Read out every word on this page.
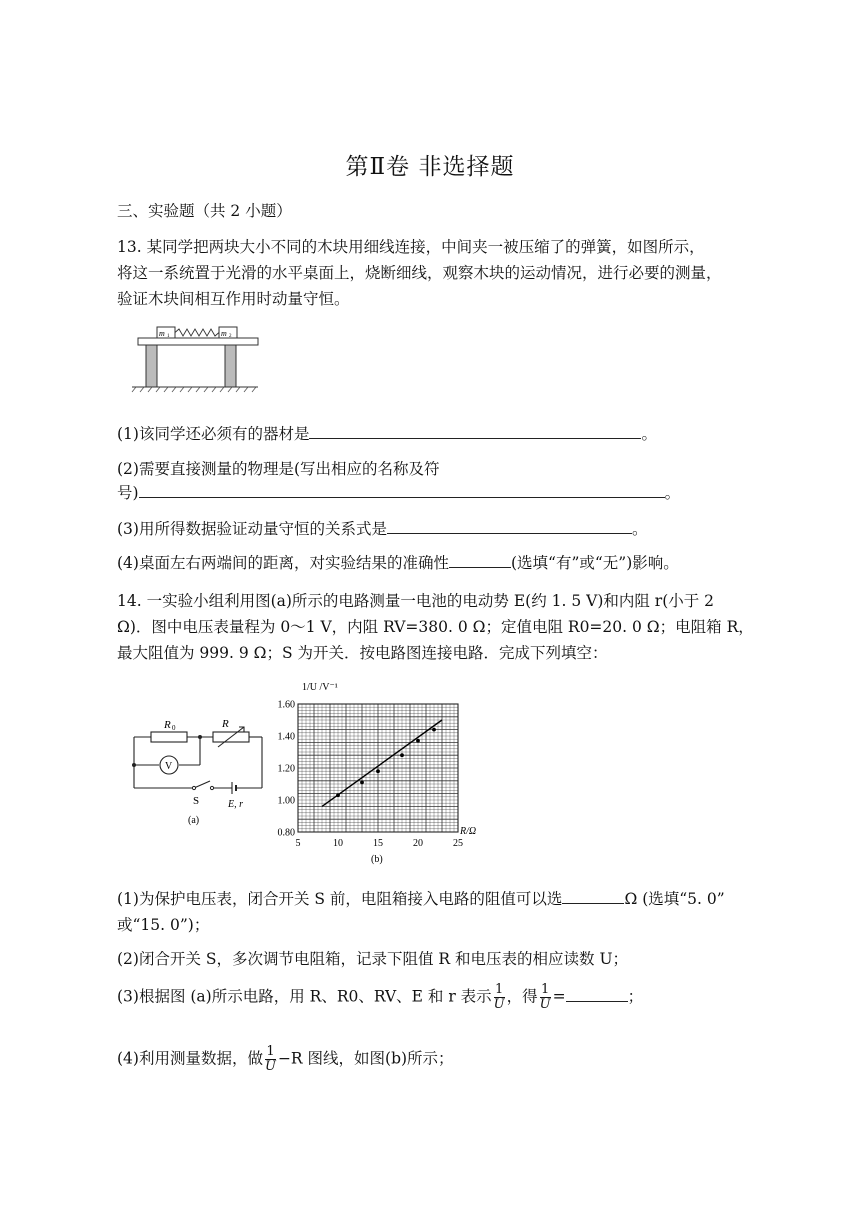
第Ⅱ卷 非选择题
三、实验题（共 2 小题）
13. 某同学把两块大小不同的木块用细线连接，中间夹一被压缩了的弹簧，如图所示，
将这一系统置于光滑的水平桌面上，烧断细线，观察木块的运动情况，进行必要的测量，
验证木块间相互作用时动量守恒。
m 1	m 2
(1)该同学还必须有的器材是	。
(2)需要直接测量的物理是(写出相应的名称及符
号)	。
(3)用所得数据验证动量守恒的关系式是	。
(4)桌面左右两端间的距离，对实验结果的准确性	(选填“有”或“无”)影响。
14. 一实验小组利用图(a)所示的电路测量一电池的电动势 E(约 1. 5 V)和内阻 r(小于 2
Ω)．图中电压表量程为 0～1 V，内阻 RV=380. 0 Ω；定值电阻 R0=20. 0 Ω；电阻箱 R，
最大阻值为 999. 9 Ω；S 为开关．按电路图连接电路．完成下列填空：
R 0	R
V
S	E, r
(a)
5	10	15	20	25
0.80
1.00
1.20
1.40
1.60
1/U /V⁻¹
R/Ω
(b)
(1)为保护电压表，闭合开关 S 前，电阻箱接入电路的阻值可以选	Ω (选填“5. 0”
或“15. 0”)；
(2)闭合开关 S，多次调节电阻箱，记录下阻值 R 和电压表的相应读数 U；
(3)根据图 (a)所示电路，用 R、R0、RV、E 和 r 表示 $\frac{1}{U}$ ，得 $\frac{1}{U}$ =	；
(4)利用测量数据，做 $\frac{1}{U} -R$ 图线，如图(b)所示；
